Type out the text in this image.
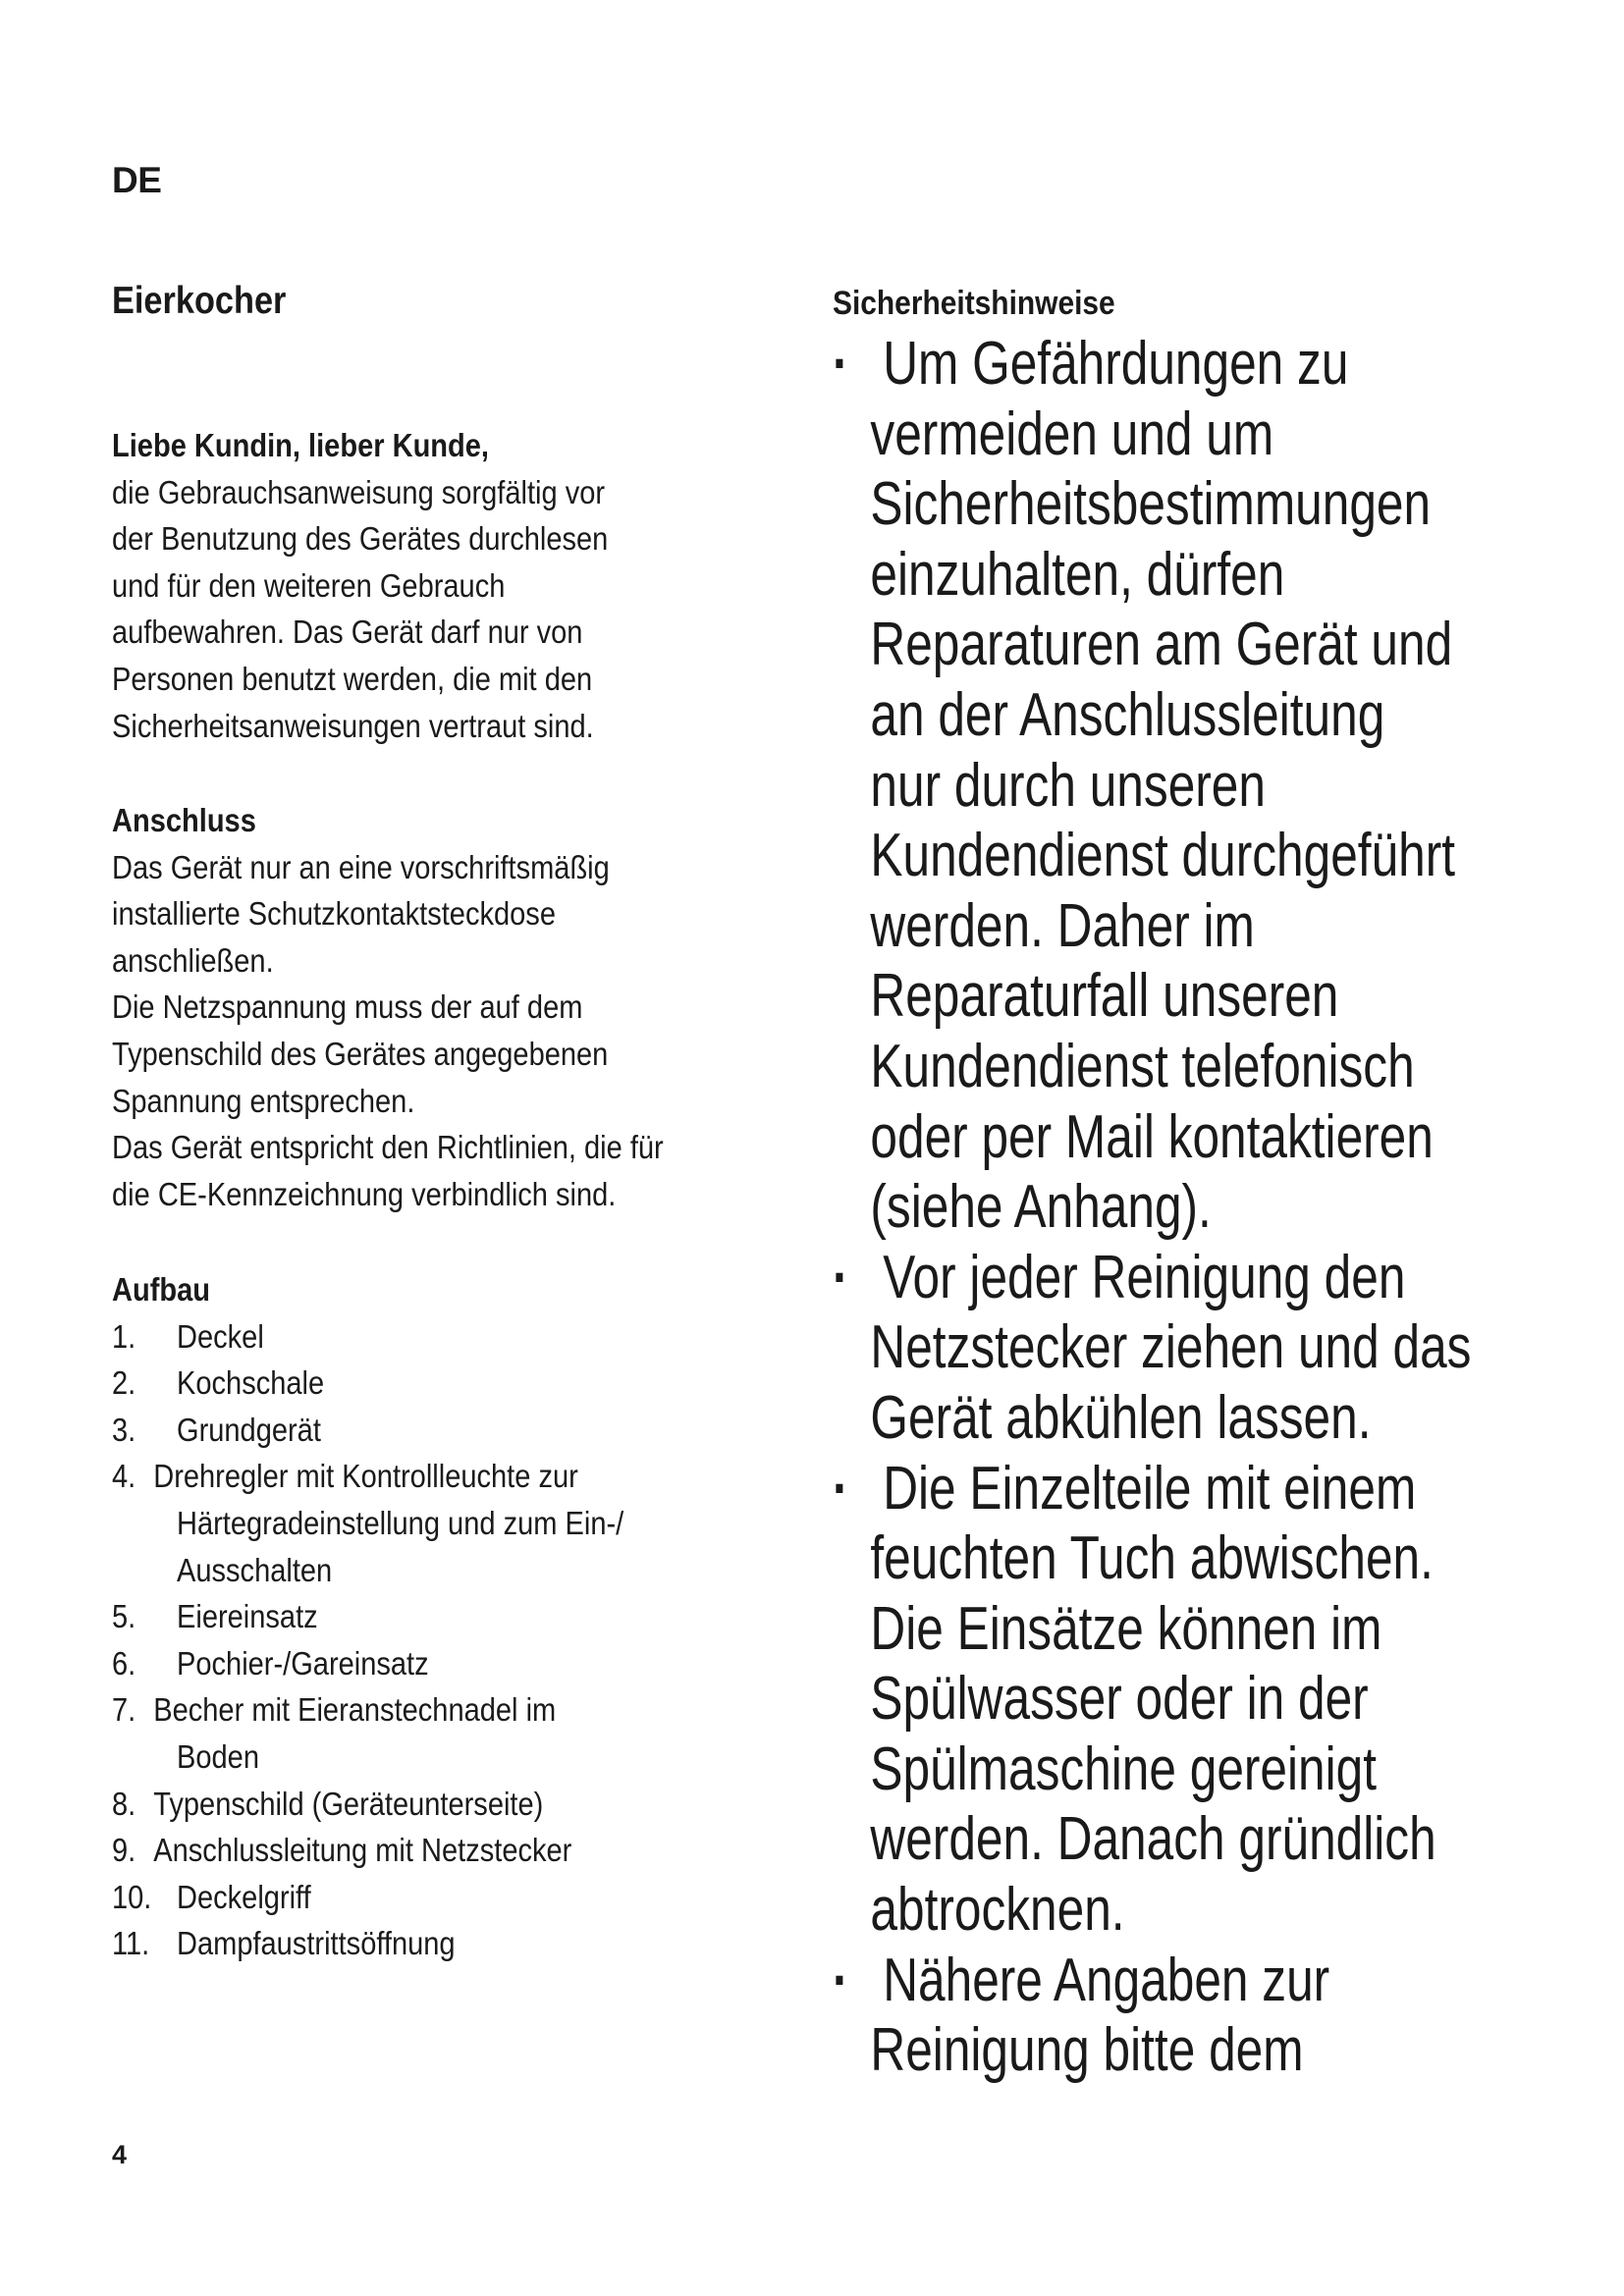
DE
Eierkocher
Liebe Kundin, lieber Kunde,
die Gebrauchsanweisung sorgfältig vor
der Benutzung des Gerätes durchlesen
und für den weiteren Gebrauch
aufbewahren. Das Gerät darf nur von
Personen benutzt werden, die mit den
Sicherheitsanweisungen vertraut sind.
Anschluss
Das Gerät nur an eine vorschriftsmäßig
installierte Schutzkontaktsteckdose
anschließen.
Die Netzspannung muss der auf dem
Typenschild des Gerätes angegebenen
Spannung entsprechen.
Das Gerät entspricht den Richtlinien, die für
die CE-Kennzeichnung verbindlich sind.
Aufbau
1. Deckel
2. Kochschale
3. Grundgerät
4. Drehregler mit Kontrollleuchte zur
Härtegradeinstellung und zum Ein-/
Ausschalten
5. Eiereinsatz
6. Pochier-/Gareinsatz
7. Becher mit Eieranstechnadel im
Boden
8. Typenschild (Geräteunterseite)
9. Anschlussleitung mit Netzstecker
10. Deckelgriff
11. Dampfaustrittsöffnung
Sicherheitshinweise
· Um Gefährdungen zu
vermeiden und um
Sicherheitsbestimmungen
einzuhalten, dürfen
Reparaturen am Gerät und
an der Anschlussleitung
nur durch unseren
Kundendienst durchgeführt
werden. Daher im
Reparaturfall unseren
Kundendienst telefonisch
oder per Mail kontaktieren
(siehe Anhang).
· Vor jeder Reinigung den
Netzstecker ziehen und das
Gerät abkühlen lassen.
· Die Einzelteile mit einem
feuchten Tuch abwischen.
Die Einsätze können im
Spülwasser oder in der
Spülmaschine gereinigt
werden. Danach gründlich
abtrocknen.
· Nähere Angaben zur
Reinigung bitte dem
4
